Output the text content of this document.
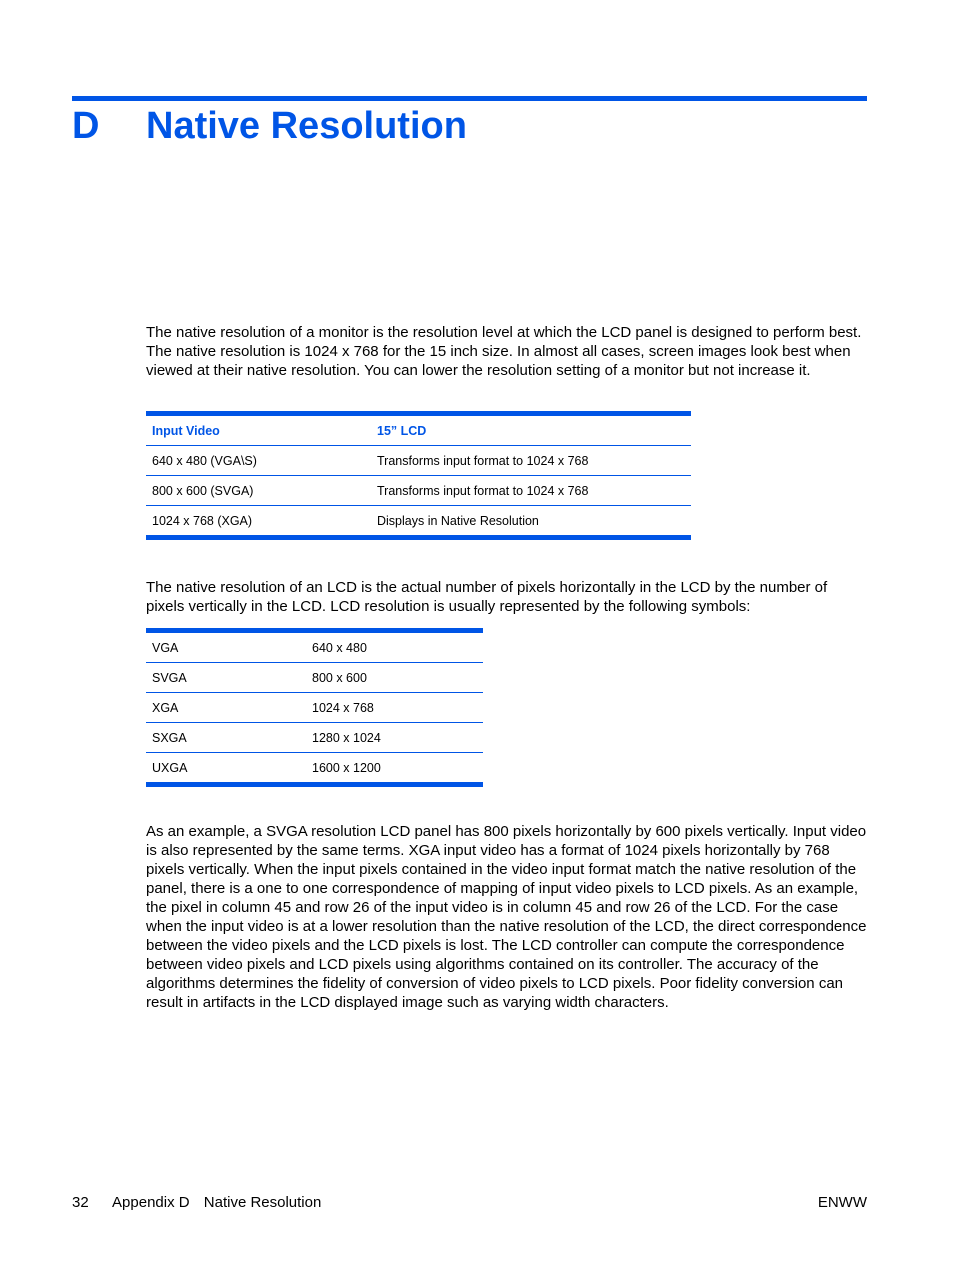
D	Native Resolution

The native resolution of a monitor is the resolution level at which the LCD panel is designed to perform best. The native resolution is 1024 x 768 for the 15 inch size. In almost all cases, screen images look best when viewed at their native resolution. You can lower the resolution setting of a monitor but not increase it.

Input Video	15” LCD
640 x 480 (VGA\S)	Transforms input format to 1024 x 768
800 x 600 (SVGA)	Transforms input format to 1024 x 768
1024 x 768 (XGA)	Displays in Native Resolution

The native resolution of an LCD is the actual number of pixels horizontally in the LCD by the number of pixels vertically in the LCD. LCD resolution is usually represented by the following symbols:

VGA	640 x 480
SVGA	800 x 600
XGA	1024 x 768
SXGA	1280 x 1024
UXGA	1600 x 1200

As an example, a SVGA resolution LCD panel has 800 pixels horizontally by 600 pixels vertically. Input video is also represented by the same terms. XGA input video has a format of 1024 pixels horizontally by 768 pixels vertically. When the input pixels contained in the video input format match the native resolution of the panel, there is a one to one correspondence of mapping of input video pixels to LCD pixels. As an example, the pixel in column 45 and row 26 of the input video is in column 45 and row 26 of the LCD. For the case when the input video is at a lower resolution than the native resolution of the LCD, the direct correspondence between the video pixels and the LCD pixels is lost. The LCD controller can compute the correspondence between video pixels and LCD pixels using algorithms contained on its controller. The accuracy of the algorithms determines the fidelity of conversion of video pixels to LCD pixels. Poor fidelity conversion can result in artifacts in the LCD displayed image such as varying width characters.

32 Appendix D Native Resolution	ENWW
